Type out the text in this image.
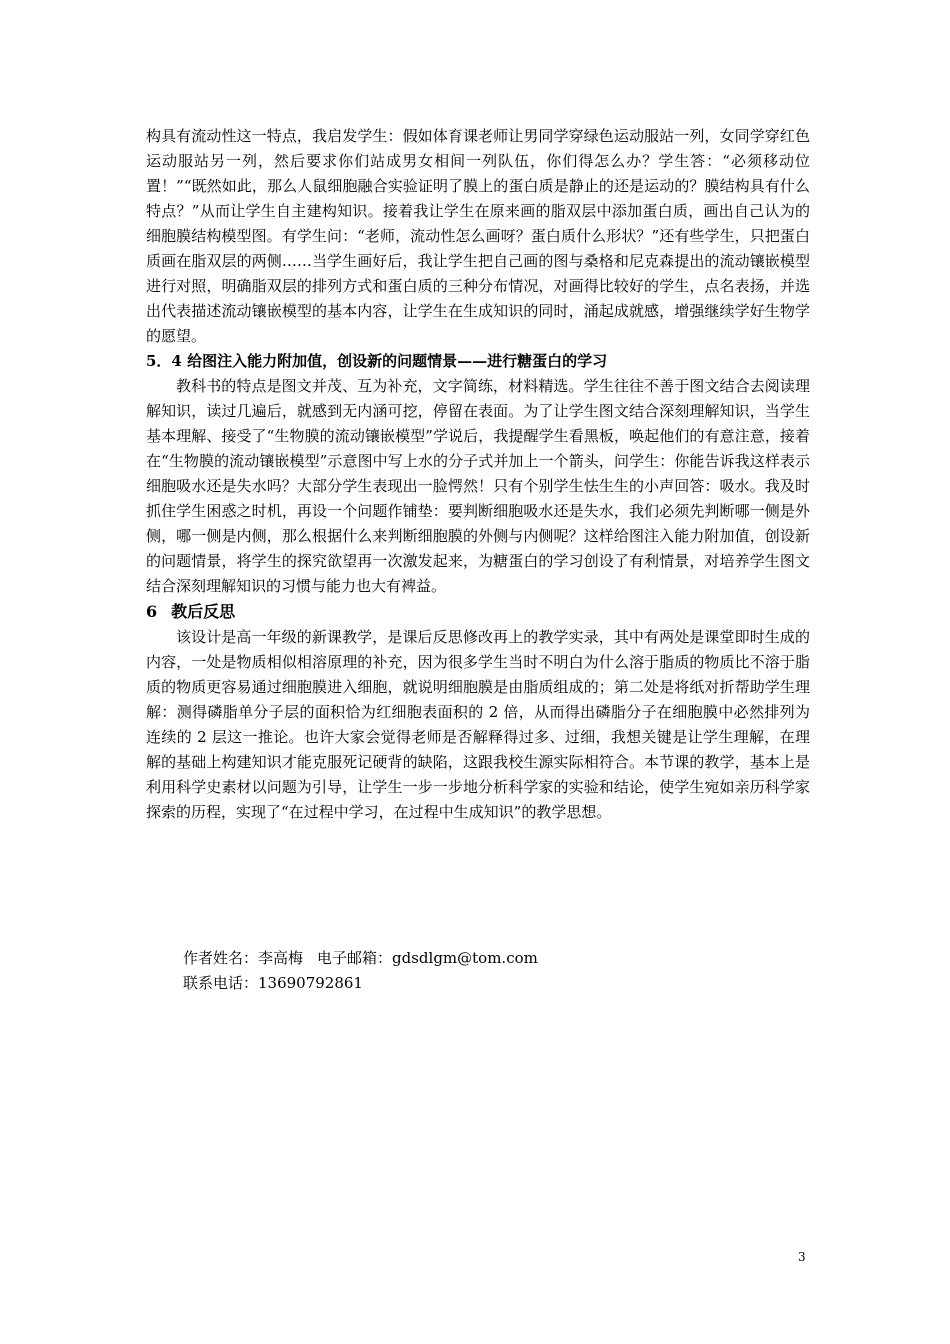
构具有流动性这一特点，我启发学生：假如体育课老师让男同学穿绿色运动服站一列，女同学穿红色运动服站另一列，然后要求你们站成男女相间一列队伍，你们得怎么办？学生答：“必须移动位置！”“既然如此，那么人鼠细胞融合实验证明了膜上的蛋白质是静止的还是运动的？膜结构具有什么特点？”从而让学生自主建构知识。接着我让学生在原来画的脂双层中添加蛋白质，画出自己认为的细胞膜结构模型图。有学生问：“老师，流动性怎么画呀？蛋白质什么形状？”还有些学生，只把蛋白质画在脂双层的两侧……当学生画好后，我让学生把自己画的图与桑格和尼克森提出的流动镶嵌模型进行对照，明确脂双层的排列方式和蛋白质的三种分布情况，对画得比较好的学生，点名表扬，并选出代表描述流动镶嵌模型的基本内容，让学生在生成知识的同时，涌起成就感，增强继续学好生物学的愿望。

5．4 给图注入能力附加值，创设新的问题情景——进行糖蛋白的学习

教科书的特点是图文并茂、互为补充，文字简练，材料精选。学生往往不善于图文结合去阅读理解知识，读过几遍后，就感到无内涵可挖，停留在表面。为了让学生图文结合深刻理解知识，当学生基本理解、接受了“生物膜的流动镶嵌模型”学说后，我提醒学生看黑板，唤起他们的有意注意，接着在“生物膜的流动镶嵌模型”示意图中写上水的分子式并加上一个箭头，问学生：你能告诉我这样表示细胞吸水还是失水吗？大部分学生表现出一脸愕然！只有个别学生怯生生的小声回答：吸水。我及时抓住学生困惑之时机，再设一个问题作铺垫：要判断细胞吸水还是失水，我们必须先判断哪一侧是外侧，哪一侧是内侧，那么根据什么来判断细胞膜的外侧与内侧呢？这样给图注入能力附加值，创设新的问题情景，将学生的探究欲望再一次激发起来，为糖蛋白的学习创设了有利情景，对培养学生图文结合深刻理解知识的习惯与能力也大有裨益。

6 教后反思

该设计是高一年级的新课教学，是课后反思修改再上的教学实录，其中有两处是课堂即时生成的内容，一处是物质相似相溶原理的补充，因为很多学生当时不明白为什么溶于脂质的物质比不溶于脂质的物质更容易通过细胞膜进入细胞，就说明细胞膜是由脂质组成的；第二处是将纸对折帮助学生理解：测得磷脂单分子层的面积恰为红细胞表面积的 2 倍，从而得出磷脂分子在细胞膜中必然排列为连续的 2 层这一推论。也许大家会觉得老师是否解释得过多、过细，我想关键是让学生理解，在理解的基础上构建知识才能克服死记硬背的缺陷，这跟我校生源实际相符合。本节课的教学，基本上是利用科学史素材以问题为引导，让学生一步一步地分析科学家的实验和结论，使学生宛如亲历科学家探索的历程，实现了“在过程中学习，在过程中生成知识”的教学思想。

作者姓名：李高梅 电子邮箱：gdsdlgm@tom.com
联系电话：13690792861
3
